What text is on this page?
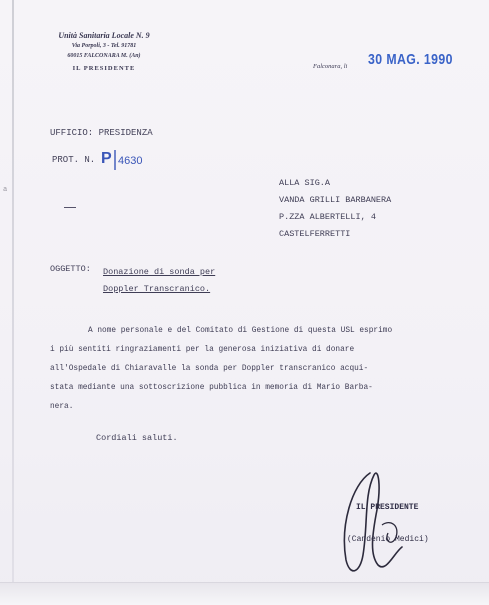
a
Unità Sanitaria Locale N. 9
Via Porpoli, 3 - Tel. 91781
60015 FALCONARA M. (An)
IL PRESIDENTE	Falconara, li 30 MAG. 1990
UFFICIO: PRESIDENZA
PROT. N. P 4630
ALLA SIG.A
VANDA GRILLI BARBANERA
P.ZZA ALBERTELLI, 4
CASTELFERRETTI
OGGETTO: Donazione di sonda per
Doppler Transcranico.
A nome personale e del Comitato di Gestione di questa USL esprimo
i più sentiti ringraziamenti per la generosa iniziativa di donare
all'Ospedale di Chiaravalle la sonda per Doppler transcranico acqui-
stata mediante una sottoscrizione pubblica in memoria di Mario Barba-
nera.
Cordiali saluti.
IL PRESIDENTE
(Candenio Medici)
